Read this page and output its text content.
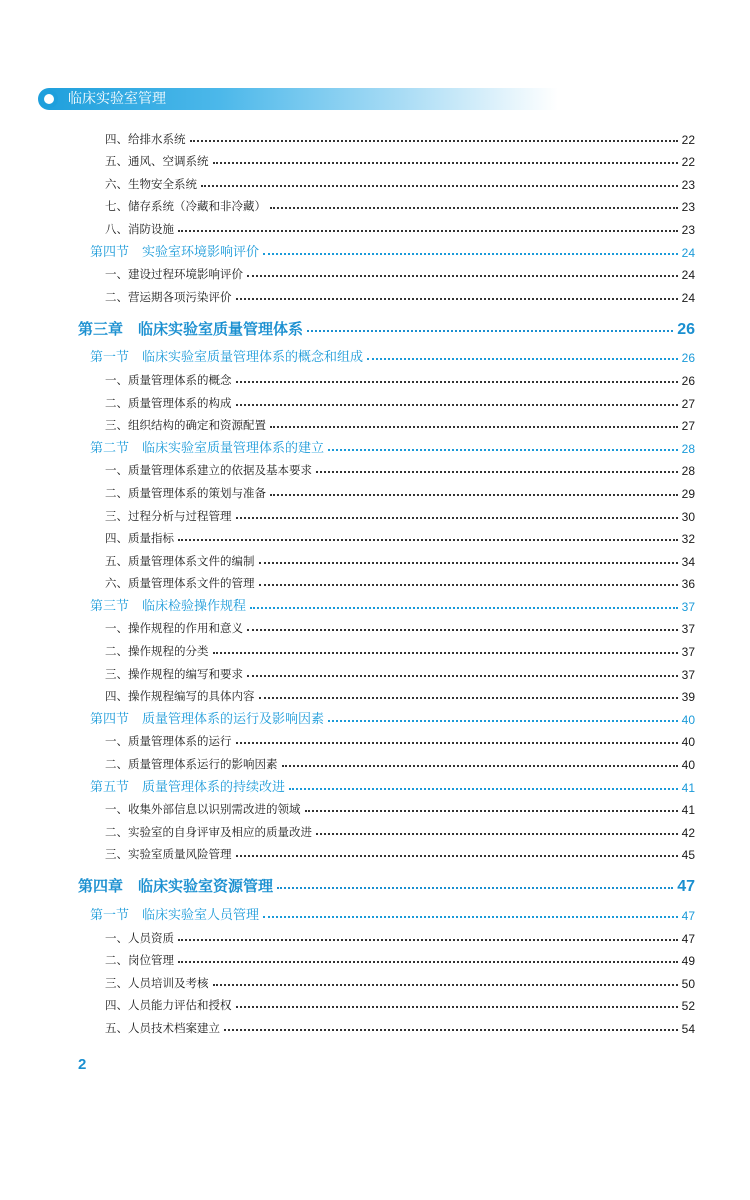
临床实验室管理
四、给排水系统	22
五、通风、空调系统	22
六、生物安全系统	23
七、储存系统（冷藏和非冷藏）	23
八、消防设施	23
第四节　实验室环境影响评价	24
一、建设过程环境影响评价	24
二、营运期各项污染评价	24
第三章　临床实验室质量管理体系	26
第一节　临床实验室质量管理体系的概念和组成	26
一、质量管理体系的概念	26
二、质量管理体系的构成	27
三、组织结构的确定和资源配置	27
第二节　临床实验室质量管理体系的建立	28
一、质量管理体系建立的依据及基本要求	28
二、质量管理体系的策划与准备	29
三、过程分析与过程管理	30
四、质量指标	32
五、质量管理体系文件的编制	34
六、质量管理体系文件的管理	36
第三节　临床检验操作规程	37
一、操作规程的作用和意义	37
二、操作规程的分类	37
三、操作规程的编写和要求	37
四、操作规程编写的具体内容	39
第四节　质量管理体系的运行及影响因素	40
一、质量管理体系的运行	40
二、质量管理体系运行的影响因素	40
第五节　质量管理体系的持续改进	41
一、收集外部信息以识别需改进的领域	41
二、实验室的自身评审及相应的质量改进	42
三、实验室质量风险管理	45
第四章　临床实验室资源管理	47
第一节　临床实验室人员管理	47
一、人员资质	47
二、岗位管理	49
三、人员培训及考核	50
四、人员能力评估和授权	52
五、人员技术档案建立	54
2
